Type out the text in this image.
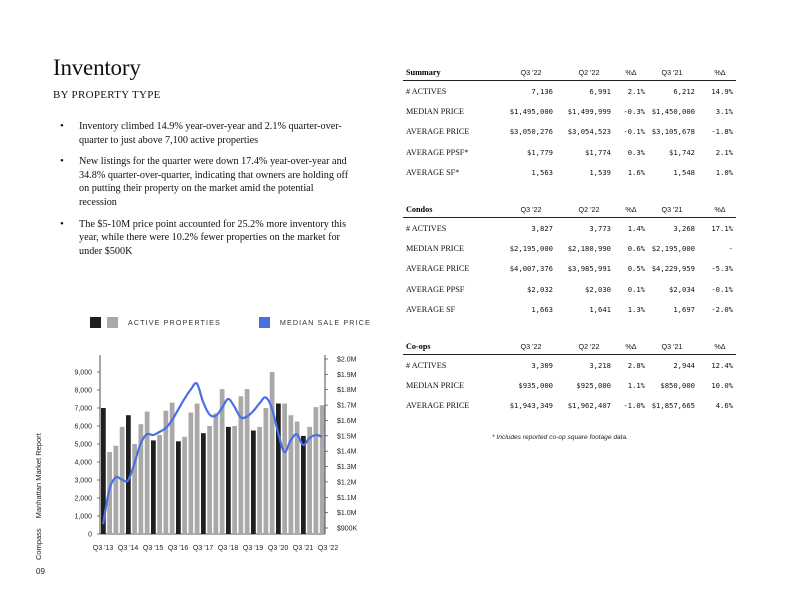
Inventory
BY PROPERTY TYPE
• Inventory climbed 14.9% year-over-year and 2.1% quarter-over-quarter to just above 7,100 active properties
• New listings for the quarter were down 17.4% year-over-year and 34.8% quarter-over-quarter, indicating that owners are holding off on putting their property on the market amid the potential recession
• The $5-10M price point accounted for 25.2% more inventory this year, while there were 10.2% fewer properties on the market for under $500K
ACTIVE PROPERTIES	MEDIAN SALE PRICE
0
1,000
2,000
3,000
4,000
5,000
6,000
7,000
8,000
9,000
$900K
$1.0M
$1.1M
$1.2M
$1.3M
$1.4M
$1.5M
$1.6M
$1.7M
$1.8M
$1.9M
$2.0M
Q3 '13 Q3 '14 Q3 '15 Q3 '16 Q3 '17 Q3 '18 Q3 '19 Q3 '20 Q3 '21 Q3 '22
Summary	Q3 '22	Q2 '22	%Δ	Q3 '21	%Δ
# ACTIVES	7,136	6,991	2.1%	6,212	14.9%
MEDIAN PRICE	$1,495,000	$1,499,999	-0.3% $1,450,000	3.1%
AVERAGE PRICE	$3,050,276	$3,054,523	-0.1% $3,105,678	-1.8%
AVERAGE PPSF*	$1,779	$1,774	0.3%	$1,742	2.1%
AVERAGE SF*	1,563	1,539	1.6%	1,548	1.0%
Condos	Q3 '22	Q2 '22	%Δ	Q3 '21	%Δ
# ACTIVES	3,827	3,773	1.4%	3,268	17.1%
MEDIAN PRICE	$2,195,000	$2,180,990	0.6% $2,195,000	-
AVERAGE PRICE	$4,007,376	$3,985,991	0.5% $4,229,959	-5.3%
AVERAGE PPSF	$2,032	$2,030	0.1%	$2,034	-0.1%
AVERAGE SF	1,663	1,641	1.3%	1,697	-2.0%
Co-ops	Q3 '22	Q2 '22	%Δ	Q3 '21	%Δ
# ACTIVES	3,309	3,218	2.8%	2,944	12.4%
MEDIAN PRICE	$935,000	$925,000	1.1%	$850,000	10.0%
AVERAGE PRICE	$1,943,349	$1,962,407	-1.0% $1,857,665	4.6%
* Includes reported co-op square footage data.
CompassManhattan Market Report
09
